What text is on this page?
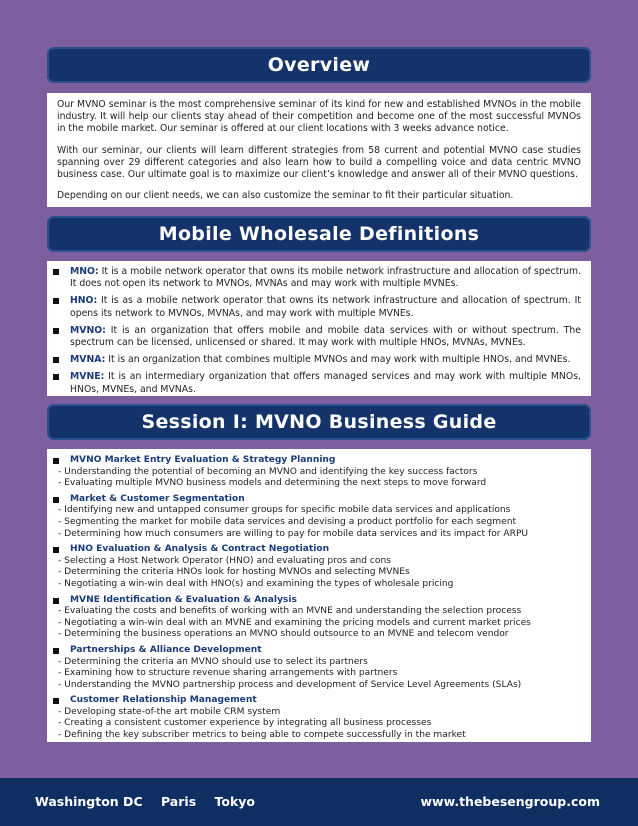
Overview

Our MVNO seminar is the most comprehensive seminar of its kind for new and established MVNOs in the mobile industry. It will help our clients stay ahead of their competition and become one of the most successful MVNOs in the mobile market. Our seminar is offered at our client locations with 3 weeks advance notice.

With our seminar, our clients will learn different strategies from 58 current and potential MVNO case studies spanning over 29 different categories and also learn how to build a compelling voice and data centric MVNO business case. Our ultimate goal is to maximize our client’s knowledge and answer all of their MVNO questions.

Depending on our client needs, we can also customize the seminar to fit their particular situation.

Mobile Wholesale Definitions
MNO: It is a mobile network operator that owns its mobile network infrastructure and allocation of spectrum. It does not open its network to MVNOs, MVNAs and may work with multiple MVNEs.
HNO: It is as a mobile network operator that owns its network infrastructure and allocation of spectrum. It opens its network to MVNOs, MVNAs, and may work with multiple MVNEs.
MVNO: It is an organization that offers mobile and mobile data services with or without spectrum. The spectrum can be licensed, unlicensed or shared. It may work with multiple HNOs, MVNAs, MVNEs.
MVNA: It is an organization that combines multiple MVNOs and may work with multiple HNOs, and MVNEs.
MVNE: It is an intermediary organization that offers managed services and may work with multiple MNOs, HNOs, MVNEs, and MVNAs.
Session I: MVNO Business Guide
MVNO Market Entry Evaluation & Strategy Planning
- Understanding the potential of becoming an MVNO and identifying the key success factors
- Evaluating multiple MVNO business models and determining the next steps to move forward
Market & Customer Segmentation
- Identifying new and untapped consumer groups for specific mobile data services and applications
- Segmenting the market for mobile data services and devising a product portfolio for each segment
- Determining how much consumers are willing to pay for mobile data services and its impact for ARPU
HNO Evaluation & Analysis & Contract Negotiation
- Selecting a Host Network Operator (HNO) and evaluating pros and cons
- Determining the criteria HNOs look for hosting MVNOs and selecting MVNEs
- Negotiating a win-win deal with HNO(s) and examining the types of wholesale pricing
MVNE Identification & Evaluation & Analysis
- Evaluating the costs and benefits of working with an MVNE and understanding the selection process
- Negotiating a win-win deal with an MVNE and examining the pricing models and current market prices
- Determining the business operations an MVNO should outsource to an MVNE and telecom vendor
Partnerships & Alliance Development
- Determining the criteria an MVNO should use to select its partners
- Examining how to structure revenue sharing arrangements with partners
- Understanding the MVNO partnership process and development of Service Level Agreements (SLAs)
Customer Relationship Management
- Developing state-of-the art mobile CRM system
- Creating a consistent customer experience by integrating all business processes
- Defining the key subscriber metrics to being able to compete successfully in the market
Washington DC Paris Tokyo	www.thebesengroup.com
